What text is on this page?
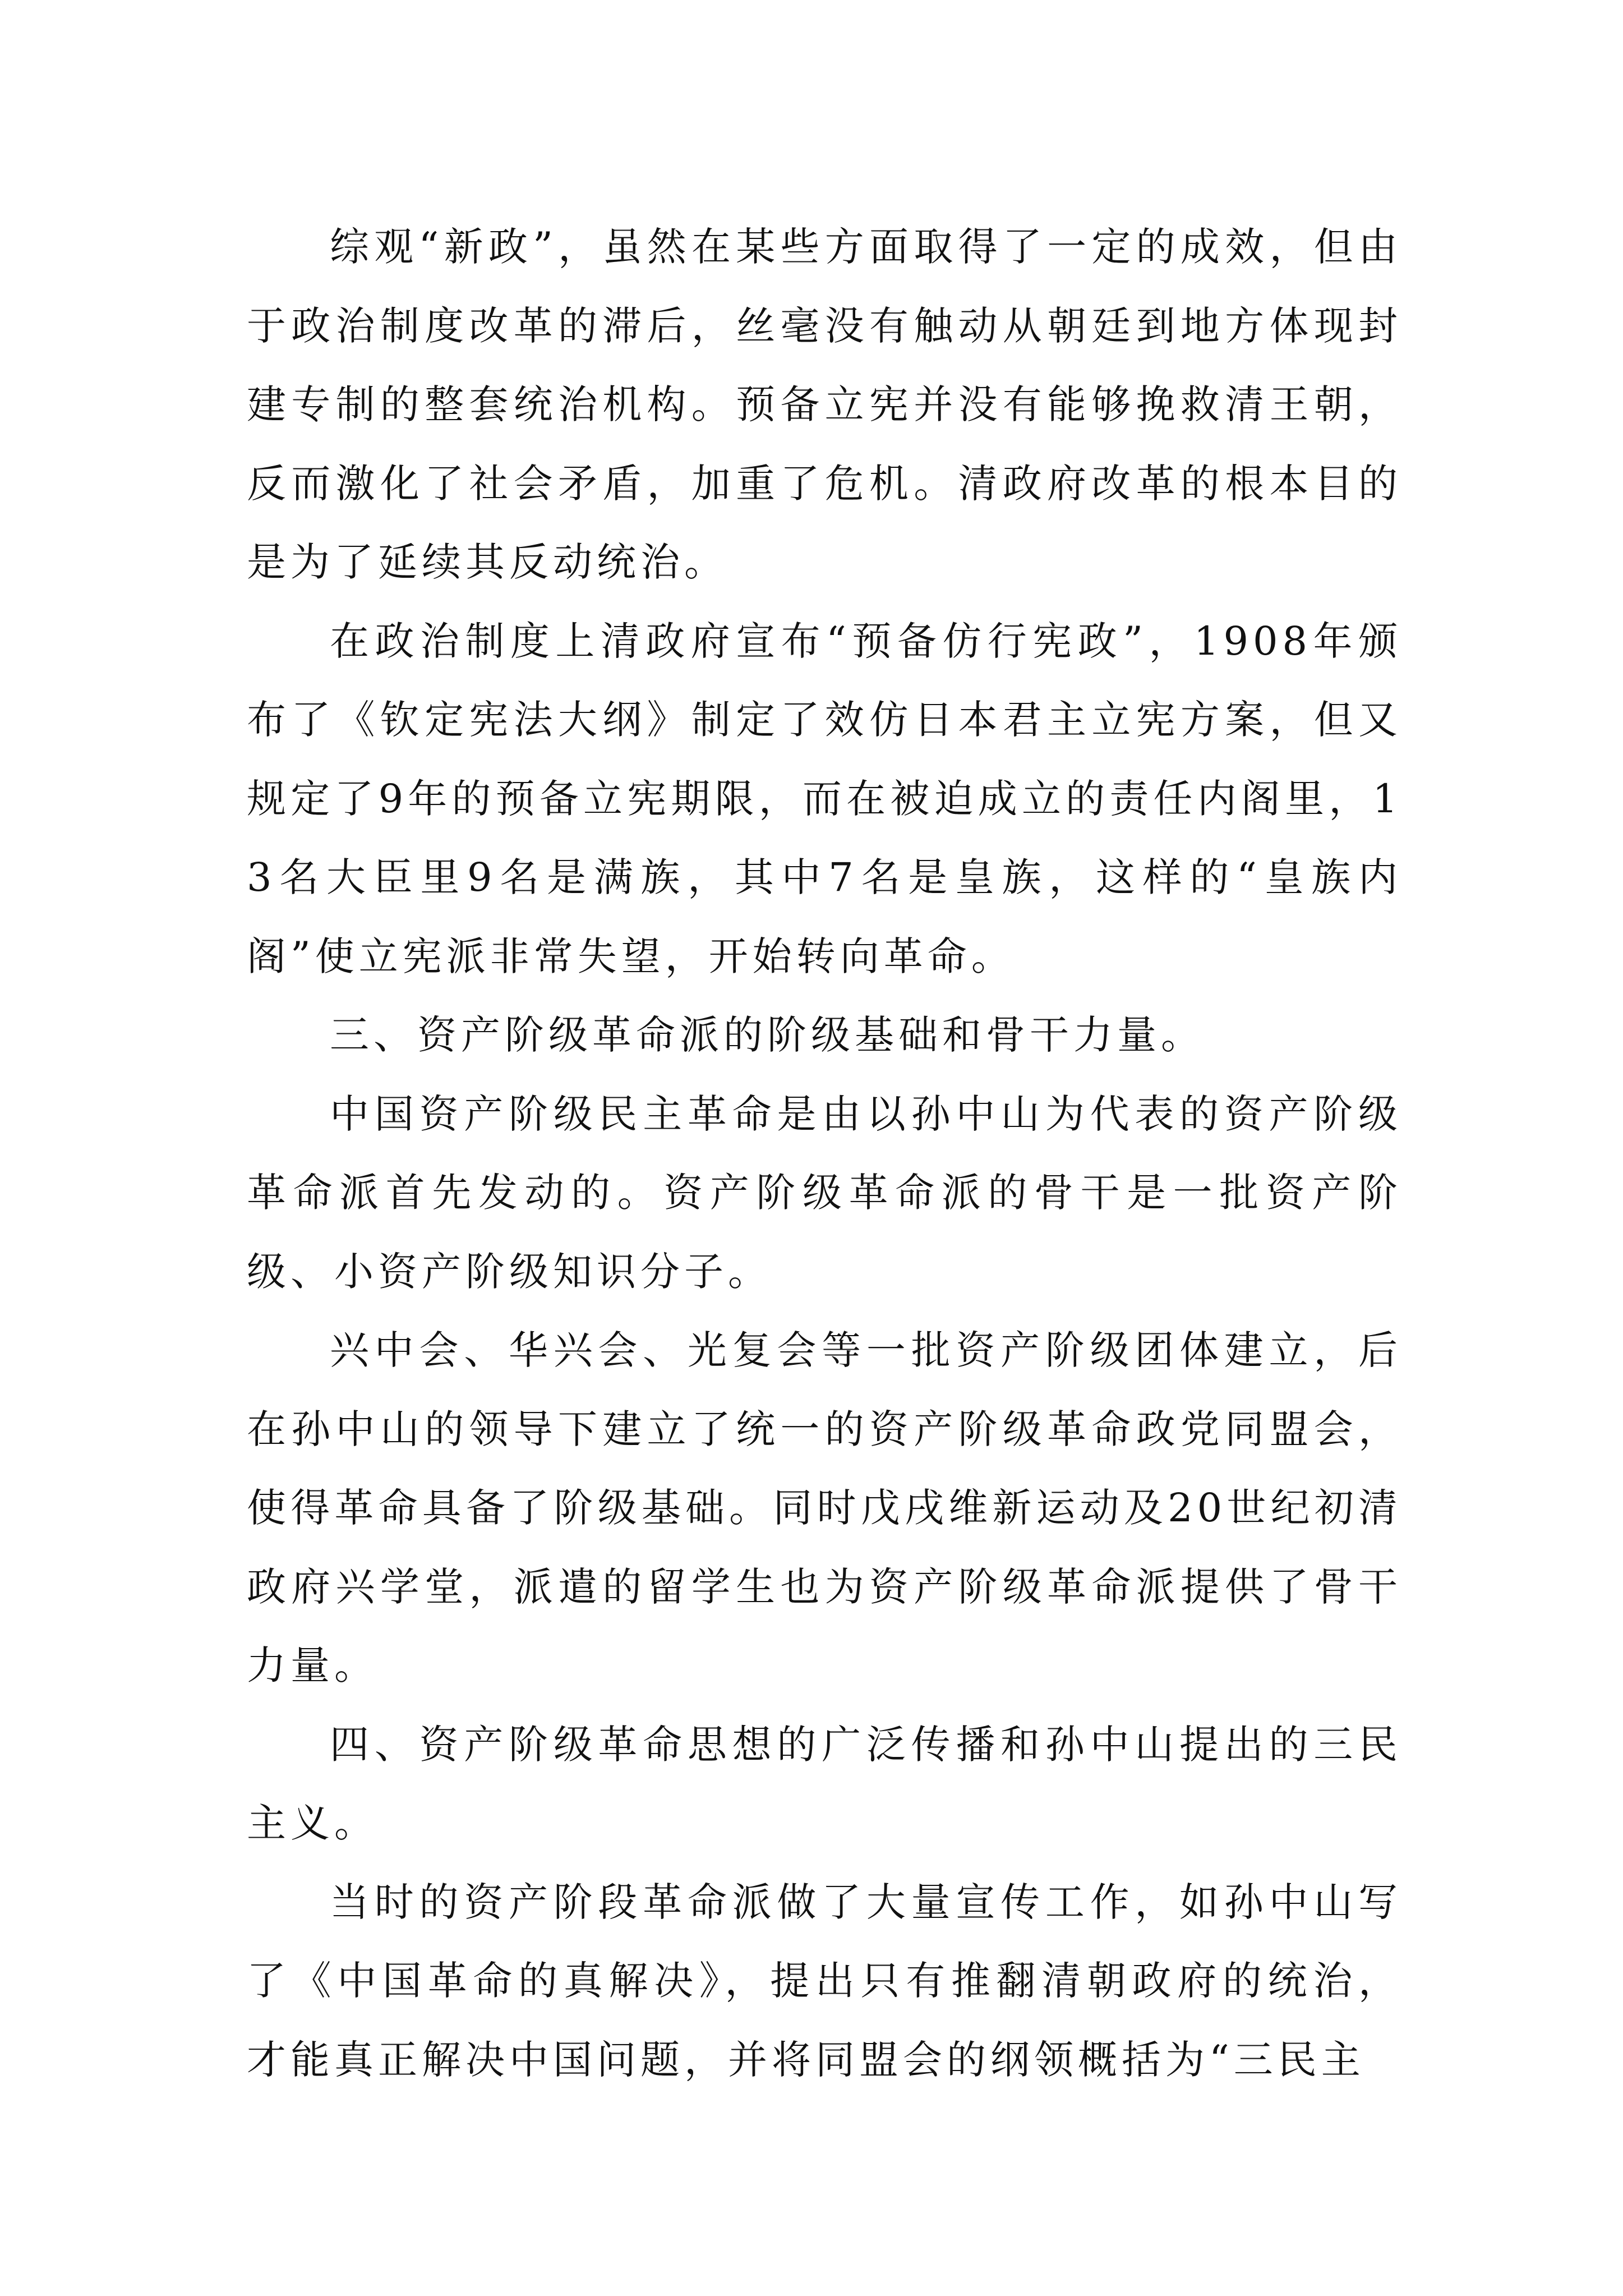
综观“新政”，虽然在某些方面取得了一定的成效，但由于政治制度改革的滞后，丝毫没有触动从朝廷到地方体现封建专制的整套统治机构。预备立宪并没有能够挽救清王朝，反而激化了社会矛盾，加重了危机。清政府改革的根本目的是为了延续其反动统治。

在政治制度上清政府宣布“预备仿行宪政”，1908年颁布了《钦定宪法大纲》制定了效仿日本君主立宪方案，但又规定了9年的预备立宪期限，而在被迫成立的责任内阁里，13名大臣里9名是满族，其中7名是皇族，这样的“皇族内阁”使立宪派非常失望，开始转向革命。

三、资产阶级革命派的阶级基础和骨干力量。

中国资产阶级民主革命是由以孙中山为代表的资产阶级革命派首先发动的。资产阶级革命派的骨干是一批资产阶级、小资产阶级知识分子。

兴中会、华兴会、光复会等一批资产阶级团体建立，后在孙中山的领导下建立了统一的资产阶级革命政党同盟会，使得革命具备了阶级基础。同时戊戌维新运动及20世纪初清政府兴学堂，派遣的留学生也为资产阶级革命派提供了骨干力量。

四、资产阶级革命思想的广泛传播和孙中山提出的三民主义。

当时的资产阶段革命派做了大量宣传工作，如孙中山写了《中国革命的真解决》，提出只有推翻清朝政府的统治，才能真正解决中国问题，并将同盟会的纲领概括为“三民主
